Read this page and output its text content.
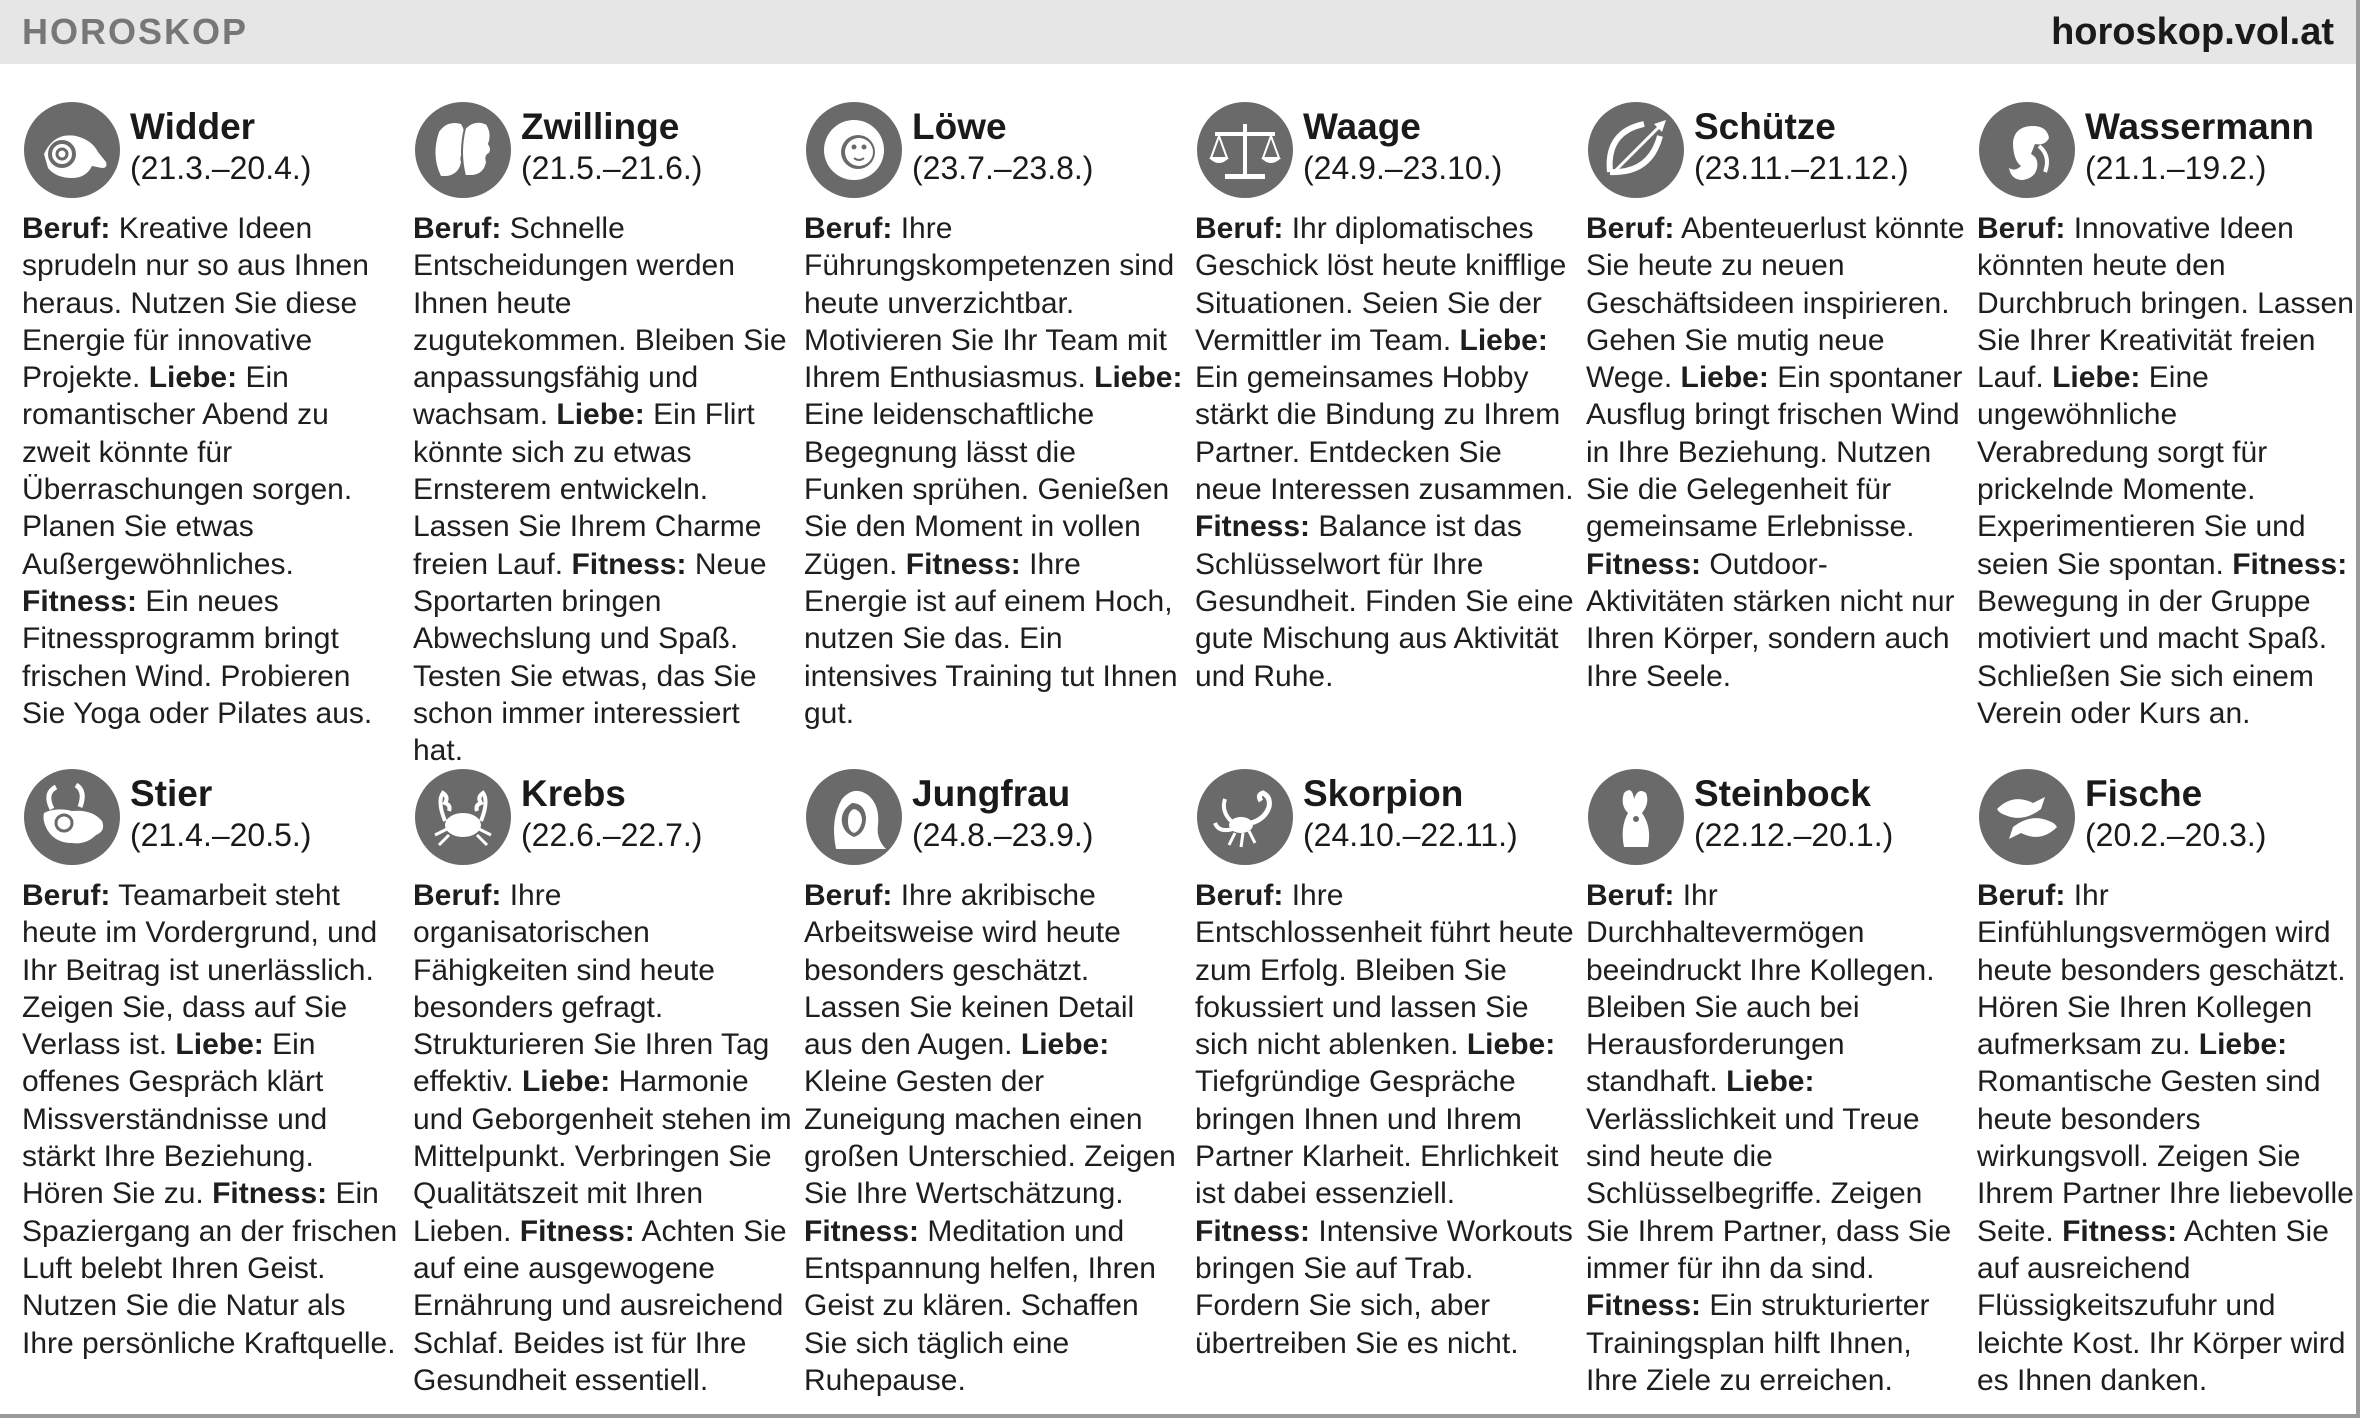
HOROSKOP	horoskop.vol.at
Widder
(21.3.–20.4.)
Beruf: Kreative Ideen sprudeln nur so aus Ihnen heraus. Nutzen Sie diese Energie für innovative Projekte. Liebe: Ein romantischer Abend zu zweit könnte für Überraschungen sorgen. Planen Sie etwas Außergewöhnliches. Fitness: Ein neues Fitnessprogramm bringt frischen Wind. Probieren Sie Yoga oder Pilates aus.
Zwillinge
(21.5.–21.6.)
Beruf: Schnelle Entscheidungen werden Ihnen heute zugutekommen. Bleiben Sie anpassungsfähig und wachsam. Liebe: Ein Flirt könnte sich zu etwas Ernsterem entwickeln. Lassen Sie Ihrem Charme freien Lauf. Fitness: Neue Sportarten bringen Abwechslung und Spaß. Testen Sie etwas, das Sie schon immer interessiert hat.
Löwe
(23.7.–23.8.)
Beruf: Ihre Führungskompetenzen sind heute unverzichtbar. Motivieren Sie Ihr Team mit Ihrem Enthusiasmus. Liebe: Eine leidenschaftliche Begegnung lässt die Funken sprühen. Genießen Sie den Moment in vollen Zügen. Fitness: Ihre Energie ist auf einem Hoch, nutzen Sie das. Ein intensives Training tut Ihnen gut.
Waage
(24.9.–23.10.)
Beruf: Ihr diplomatisches Geschick löst heute knifflige Situationen. Seien Sie der Vermittler im Team. Liebe: Ein gemeinsames Hobby stärkt die Bindung zu Ihrem Partner. Entdecken Sie neue Interessen zusammen. Fitness: Balance ist das Schlüsselwort für Ihre Gesundheit. Finden Sie eine gute Mischung aus Aktivität und Ruhe.
Schütze
(23.11.–21.12.)
Beruf: Abenteuerlust könnte Sie heute zu neuen Geschäftsideen inspirieren. Gehen Sie mutig neue Wege. Liebe: Ein spontaner Ausflug bringt frischen Wind in Ihre Beziehung. Nutzen Sie die Gelegenheit für gemeinsame Erlebnisse. Fitness: Outdoor-Aktivitäten stärken nicht nur Ihren Körper, sondern auch Ihre Seele.
Wassermann
(21.1.–19.2.)
Beruf: Innovative Ideen könnten heute den Durchbruch bringen. Lassen Sie Ihrer Kreativität freien Lauf. Liebe: Eine ungewöhnliche Verabredung sorgt für prickelnde Momente. Experimentieren Sie und seien Sie spontan. Fitness: Bewegung in der Gruppe motiviert und macht Spaß. Schließen Sie sich einem Verein oder Kurs an.
Stier
(21.4.–20.5.)
Beruf: Teamarbeit steht heute im Vordergrund, und Ihr Beitrag ist unerlässlich. Zeigen Sie, dass auf Sie Verlass ist. Liebe: Ein offenes Gespräch klärt Missverständnisse und stärkt Ihre Beziehung. Hören Sie zu. Fitness: Ein Spaziergang an der frischen Luft belebt Ihren Geist. Nutzen Sie die Natur als Ihre persönliche Kraftquelle.
Krebs
(22.6.–22.7.)
Beruf: Ihre organisatorischen Fähigkeiten sind heute besonders gefragt. Strukturieren Sie Ihren Tag effektiv. Liebe: Harmonie und Geborgenheit stehen im Mittelpunkt. Verbringen Sie Qualitätszeit mit Ihren Lieben. Fitness: Achten Sie auf eine ausgewogene Ernährung und ausreichend Schlaf. Beides ist für Ihre Gesundheit essentiell.
Jungfrau
(24.8.–23.9.)
Beruf: Ihre akribische Arbeitsweise wird heute besonders geschätzt. Lassen Sie keinen Detail aus den Augen. Liebe: Kleine Gesten der Zuneigung machen einen großen Unterschied. Zeigen Sie Ihre Wertschätzung. Fitness: Meditation und Entspannung helfen, Ihren Geist zu klären. Schaffen Sie sich täglich eine Ruhepause.
Skorpion
(24.10.–22.11.)
Beruf: Ihre Entschlossenheit führt heute zum Erfolg. Bleiben Sie fokussiert und lassen Sie sich nicht ablenken. Liebe: Tiefgründige Gespräche bringen Ihnen und Ihrem Partner Klarheit. Ehrlichkeit ist dabei essenziell. Fitness: Intensive Workouts bringen Sie auf Trab. Fordern Sie sich, aber übertreiben Sie es nicht.
Steinbock
(22.12.–20.1.)
Beruf: Ihr Durchhaltevermögen beeindruckt Ihre Kollegen. Bleiben Sie auch bei Herausforderungen standhaft. Liebe: Verlässlichkeit und Treue sind heute die Schlüsselbegriffe. Zeigen Sie Ihrem Partner, dass Sie immer für ihn da sind. Fitness: Ein strukturierter Trainingsplan hilft Ihnen, Ihre Ziele zu erreichen.
Fische
(20.2.–20.3.)
Beruf: Ihr Einfühlungsvermögen wird heute besonders geschätzt. Hören Sie Ihren Kollegen aufmerksam zu. Liebe: Romantische Gesten sind heute besonders wirkungsvoll. Zeigen Sie Ihrem Partner Ihre liebevolle Seite. Fitness: Achten Sie auf ausreichend Flüssigkeitszufuhr und leichte Kost. Ihr Körper wird es Ihnen danken.
